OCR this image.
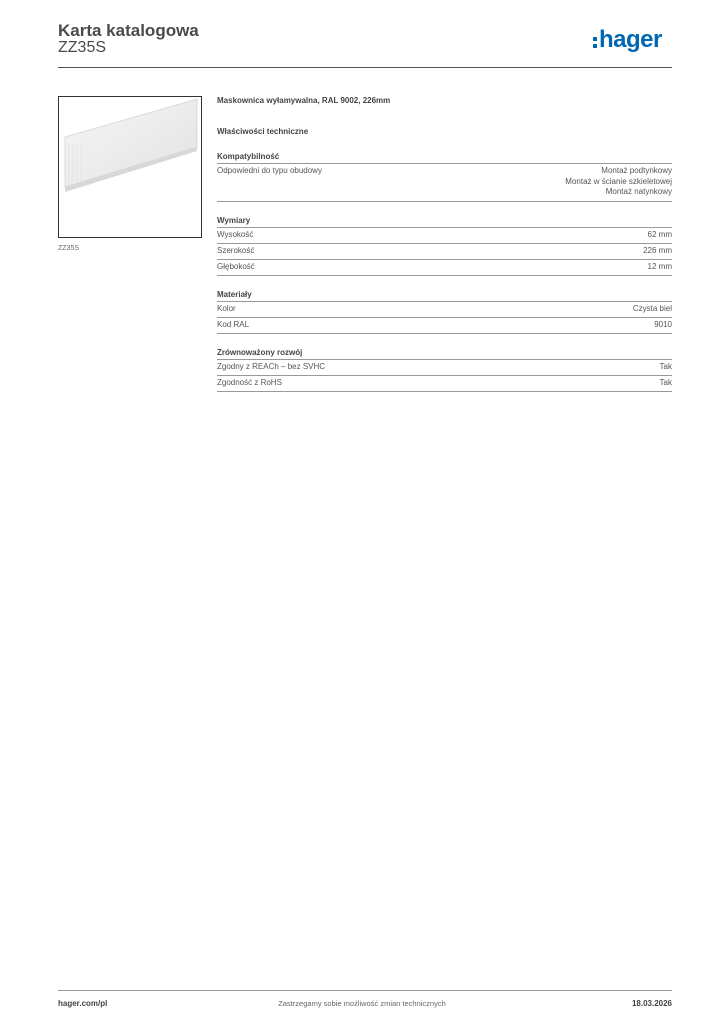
Karta katalogowa
ZZ35S	hager
ZZ35S
Maskownica wyłamywalna, RAL 9002, 226mm
Właściwości techniczne
Kompatybilność
Odpowiedni do typu obudowy	Montaż podtynkowy
Montaż w ścianie szkieletowej
Montaż natynkowy
Wymiary
Wysokość	62 mm
Szerokość	226 mm
Głębokość	12 mm
Materiały
Kolor	Czysta biel
Kod RAL	9010
Zrównoważony rozwój
Zgodny z REACh – bez SVHC	Tak
Zgodność z RoHS	Tak
hager.com/pl	Zastrzegamy sobie możliwość zmian technicznych	18.03.2026
